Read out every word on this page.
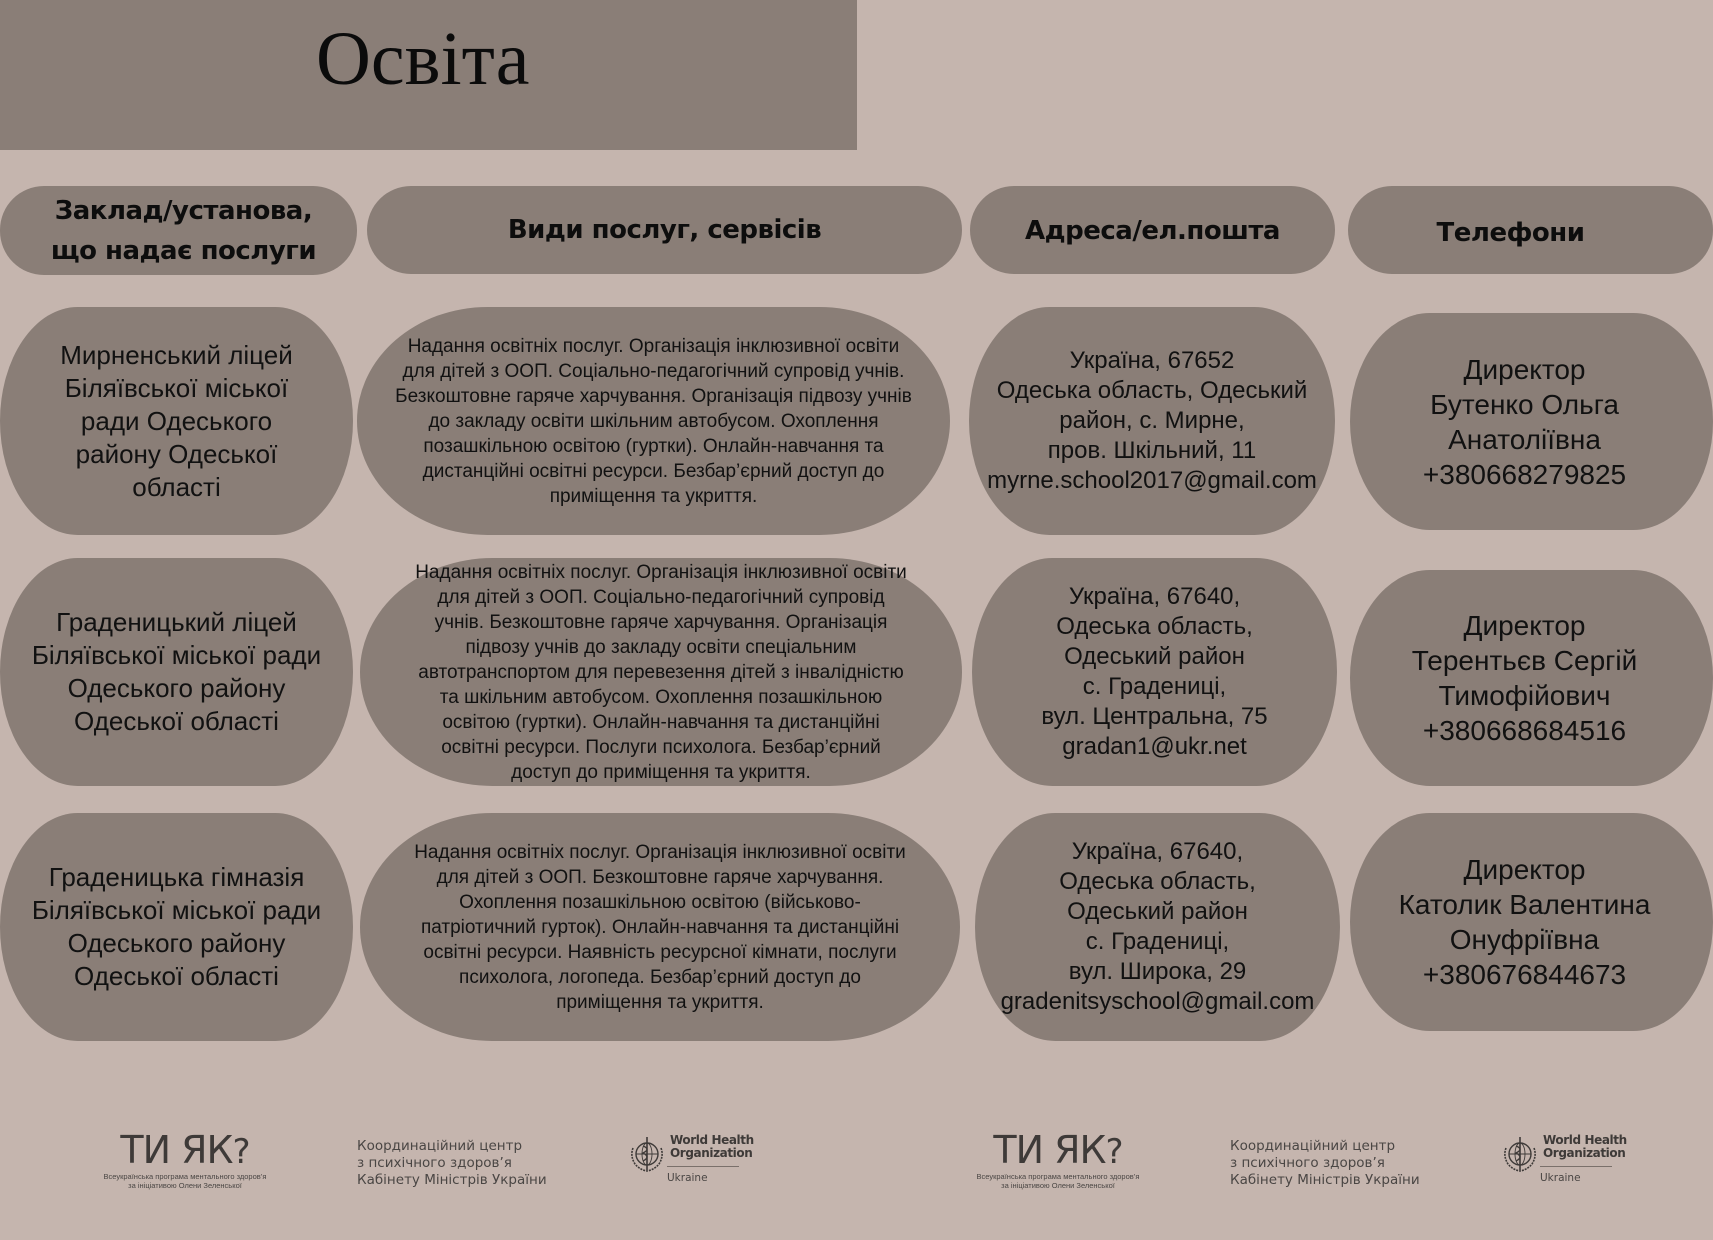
Освіта
Заклад/установа,
що надає послуги
Види послуг, сервісів	Адреса/ел.пошта	Телефони
Мирненський ліцей
Біляївської міської
ради Одеського
району Одеської
області
Надання освітніх послуг. Організація інклюзивної освіти
для дітей з ООП. Соціально-педагогічний супровід учнів.
Безкоштовне гаряче харчування. Організація підвозу учнів
до закладу освіти шкільним автобусом. Охоплення
позашкільною освітою (гуртки). Онлайн-навчання та
дистанційні освітні ресурси. Безбар’єрний доступ до
приміщення та укриття.
Україна, 67652
Одеська область, Одеський
район, с. Мирне,
пров. Шкільний, 11
myrne.school2017@gmail.com
Директор
Бутенко Ольга
Анатоліївна
+380668279825
Граденицький ліцей
Біляївської міської ради
Одеського району
Одеської області
Надання освітніх послуг. Організація інклюзивної освіти
для дітей з ООП. Соціально-педагогічний супровід
учнів. Безкоштовне гаряче харчування. Організація
підвозу учнів до закладу освіти спеціальним
автотранспортом для перевезення дітей з інвалідністю
та шкільним автобусом. Охоплення позашкільною
освітою (гуртки). Онлайн-навчання та дистанційні
освітні ресурси. Послуги психолога. Безбар’єрний
доступ до приміщення та укриття.
Україна, 67640,
Одеська область,
Одеський район
с. Градениці,
вул. Центральна, 75
gradan1@ukr.net
Директор
Терентьєв Сергій
Тимофійович
+380668684516
Граденицька гімназія
Біляївської міської ради
Одеського району
Одеської області
Надання освітніх послуг. Організація інклюзивної освіти
для дітей з ООП. Безкоштовне гаряче харчування.
Охоплення позашкільною освітою (військово-
патріотичний гурток). Онлайн-навчання та дистанційні
освітні ресурси. Наявність ресурсної кімнати, послуги
психолога, логопеда. Безбар’єрний доступ до
приміщення та укриття.
Україна, 67640,
Одеська область,
Одеський район
с. Градениці,
вул. Широка, 29
gradenitsyschool@gmail.com
Директор
Католик Валентина
Онуфріївна
+380676844673
ТИ ЯК?
Всеукраїнська програма ментального здоров’я
за ініціативою Олени Зеленської
Координаційний центр
з психічного здоров’я
Кабінету Міністрів України
World Health
Organization
Ukraine
ТИ ЯК?
Всеукраїнська програма ментального здоров’я
за ініціативою Олени Зеленської
Координаційний центр
з психічного здоров’я
Кабінету Міністрів України
World Health
Organization
Ukraine
